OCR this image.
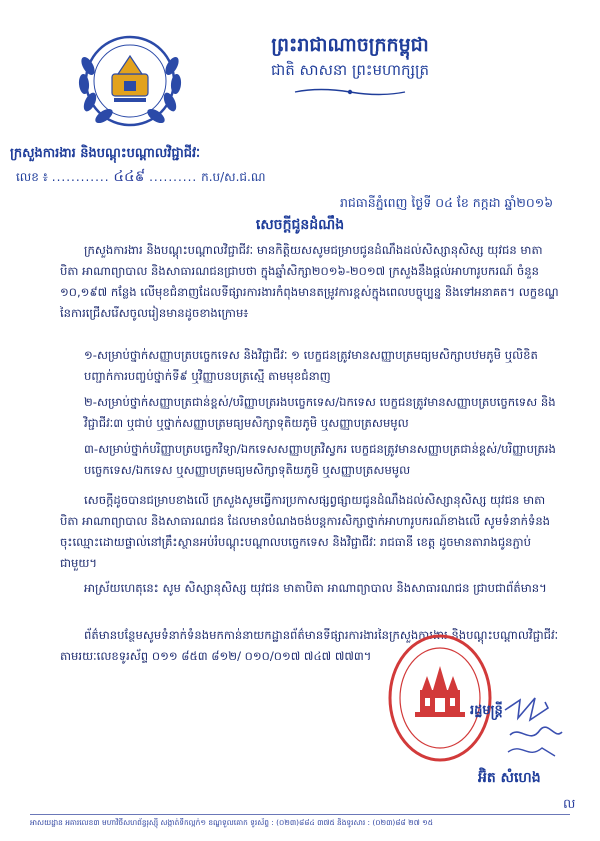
ព្រះរាជាណាចក្រកម្ពុជា
ជាតិ សាសនា ព្រះមហាក្សត្រ
ក្រសួងការងារ និងបណ្តុះបណ្តាលវិជ្ជាជីវៈ
លេខ ៖ ............ ៤៤៩ .......... ក.ប/ស.ជ.ណ
រាជធានីភ្នំពេញ ថ្ងៃទី ០៤ ខែ កក្កដា ឆ្នាំ២០១៦
សេចក្តីជូនដំណឹង
ក្រសួងការងារ និងបណ្តុះបណ្តាលវិជ្ជាជីវៈ មានកិត្តិយសសូមជម្រាបជូនដំណឹងដល់សិស្សានុសិស្ស យុវជន មាតាបិតា អាណាព្យាបាល និងសាធារណជនជ្រាបថា ក្នុងឆ្នាំសិក្សា២០១៦-២០១៧ ក្រសួងនឹងផ្តល់អាហារូបករណ៍ ចំនួន ១០,១៩៧ កន្លែង លើមុខជំនាញដែលទីផ្សារការងារកំពុងមានតម្រូវការខ្ពស់ក្នុងពេលបច្ចុប្បន្ន និងទៅអនាគត។ លក្ខខណ្ឌនៃការជ្រើសរើសចូលរៀនមានដូចខាងក្រោម៖
១-សម្រាប់ថ្នាក់សញ្ញាបត្របច្ចេកទេស និងវិជ្ជាជីវៈ ១ បេក្ខជនត្រូវមានសញ្ញាបត្រមធ្យមសិក្សាបឋមភូមិ ឬលិខិតបញ្ជាក់ការបញ្ចប់ថ្នាក់ទី៩ ឬវិញ្ញាបនបត្រស្មើ តាមមុខជំនាញ
២-សម្រាប់ថ្នាក់សញ្ញាបត្រជាន់ខ្ពស់/បរិញ្ញាបត្ររងបច្ចេកទេស/ឯកទេស បេក្ខជនត្រូវមានសញ្ញាបត្របច្ចេកទេស និងវិជ្ជាជីវៈ៣ ឬជាប់ ឬថ្នាក់សញ្ញាបត្រមធ្យមសិក្សាទុតិយភូមិ ឬសញ្ញាបត្រសមមូល
៣-សម្រាប់ថ្នាក់បរិញ្ញាបត្របច្ចេកវិទ្យា/ឯកទេសសញ្ញាបត្រវិស្វករ បេក្ខជនត្រូវមានសញ្ញាបត្រជាន់ខ្ពស់/បរិញ្ញាបត្ររងបច្ចេកទេស/ឯកទេស ឬសញ្ញាបត្រមធ្យមសិក្សាទុតិយភូមិ ឬសញ្ញាបត្រសមមូល
សេចក្តីដូចបានជម្រាបខាងលើ ក្រសួងសូមធ្វើការប្រកាសផ្សព្វផ្សាយជូនដំណឹងដល់សិស្សានុសិស្ស យុវជន មាតាបិតា អាណាព្យាបាល និងសាធារណជន ដែលមានបំណងចង់បន្តការសិក្សាថ្នាក់អាហារូបករណ៍ខាងលើ សូមទំនាក់ទំនងចុះឈ្មោះដោយផ្ទាល់នៅគ្រឹះស្ថានអប់រំបណ្តុះបណ្តាលបច្ចេកទេស និងវិជ្ជាជីវៈ រាជធានី ខេត្ត ដូចមានតារាងជូនភ្ជាប់ជាមួយ។
អាស្រ័យហេតុនេះ សូម សិស្សានុសិស្ស យុវជន មាតាបិតា អាណាព្យាបាល និងសាធារណជន ជ្រាបជាព័ត៌មាន។
ព័ត៌មានបន្ថែមសូមទំនាក់ទំនងមកកាន់នាយកដ្ឋានព័ត៌មានទីផ្សារការងារនៃក្រសួងការងារ និងបណ្តុះបណ្តាលវិជ្ជាជីវៈ តាមរយៈលេខទូរស័ព្ទ ០១១ ៨៥៣ ៨១២/ ០១០/០១៧ ៧៤៧ ៧៧៣។
រដ្ឋមន្ត្រី
អ៊ិត សំហេង
ល
អាសយដ្ឋាន អគារលេខ៣ មហាវិថីសហព័ន្ធរុស្ស៊ី សង្កាត់ទឹកល្អក់១ ខណ្ឌទួលគោក ទូរស័ព្ទ : (០២៣)៨៨៤ ៣៧៥ និងទូរសារ : (០២៣)៨៨ ២៧ ១៥
